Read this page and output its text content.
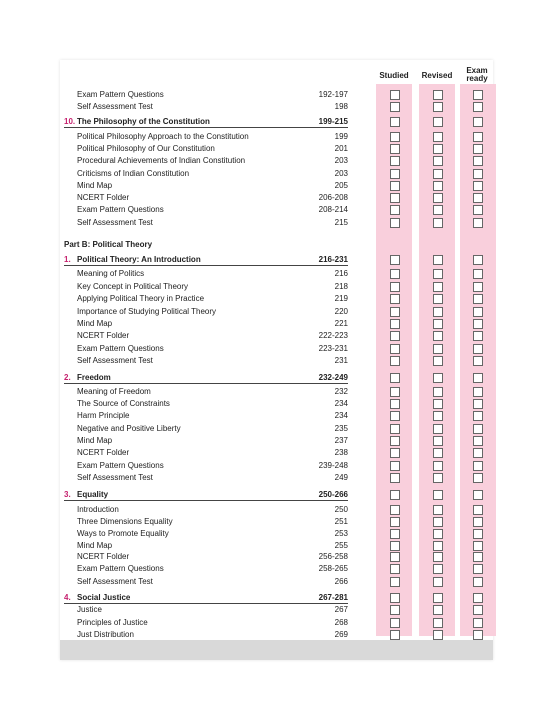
Studied	Revised
Exam ready
Exam Pattern Questions	192-197
Self Assessment Test	198
10. The Philosophy of the Constitution	199-215
Political Philosophy Approach to the Constitution	199
Political Philosophy of Our Constitution	201
Procedural Achievements of Indian Constitution	203
Criticisms of Indian Constitution	203
Mind Map	205
NCERT Folder	206-208
Exam Pattern Questions	208-214
Self Assessment Test	215
Part B: Political Theory
1. Political Theory: An Introduction	216-231
Meaning of Politics	216
Key Concept in Political Theory	218
Applying Political Theory in Practice	219
Importance of Studying Political Theory	220
Mind Map	221
NCERT Folder	222-223
Exam Pattern Questions	223-231
Self Assessment Test	231
2. Freedom	232-249
Meaning of Freedom	232
The Source of Constraints	234
Harm Principle	234
Negative and Positive Liberty	235
Mind Map	237
NCERT Folder	238
Exam Pattern Questions	239-248
Self Assessment Test	249
3. Equality	250-266
Introduction	250
Three Dimensions Equality	251
Ways to Promote Equality	253
Mind Map	255
NCERT Folder	256-258
Exam Pattern Questions	258-265
Self Assessment Test	266
4. Social Justice	267-281
Justice	267
Principles of Justice	268
Just Distribution	269
